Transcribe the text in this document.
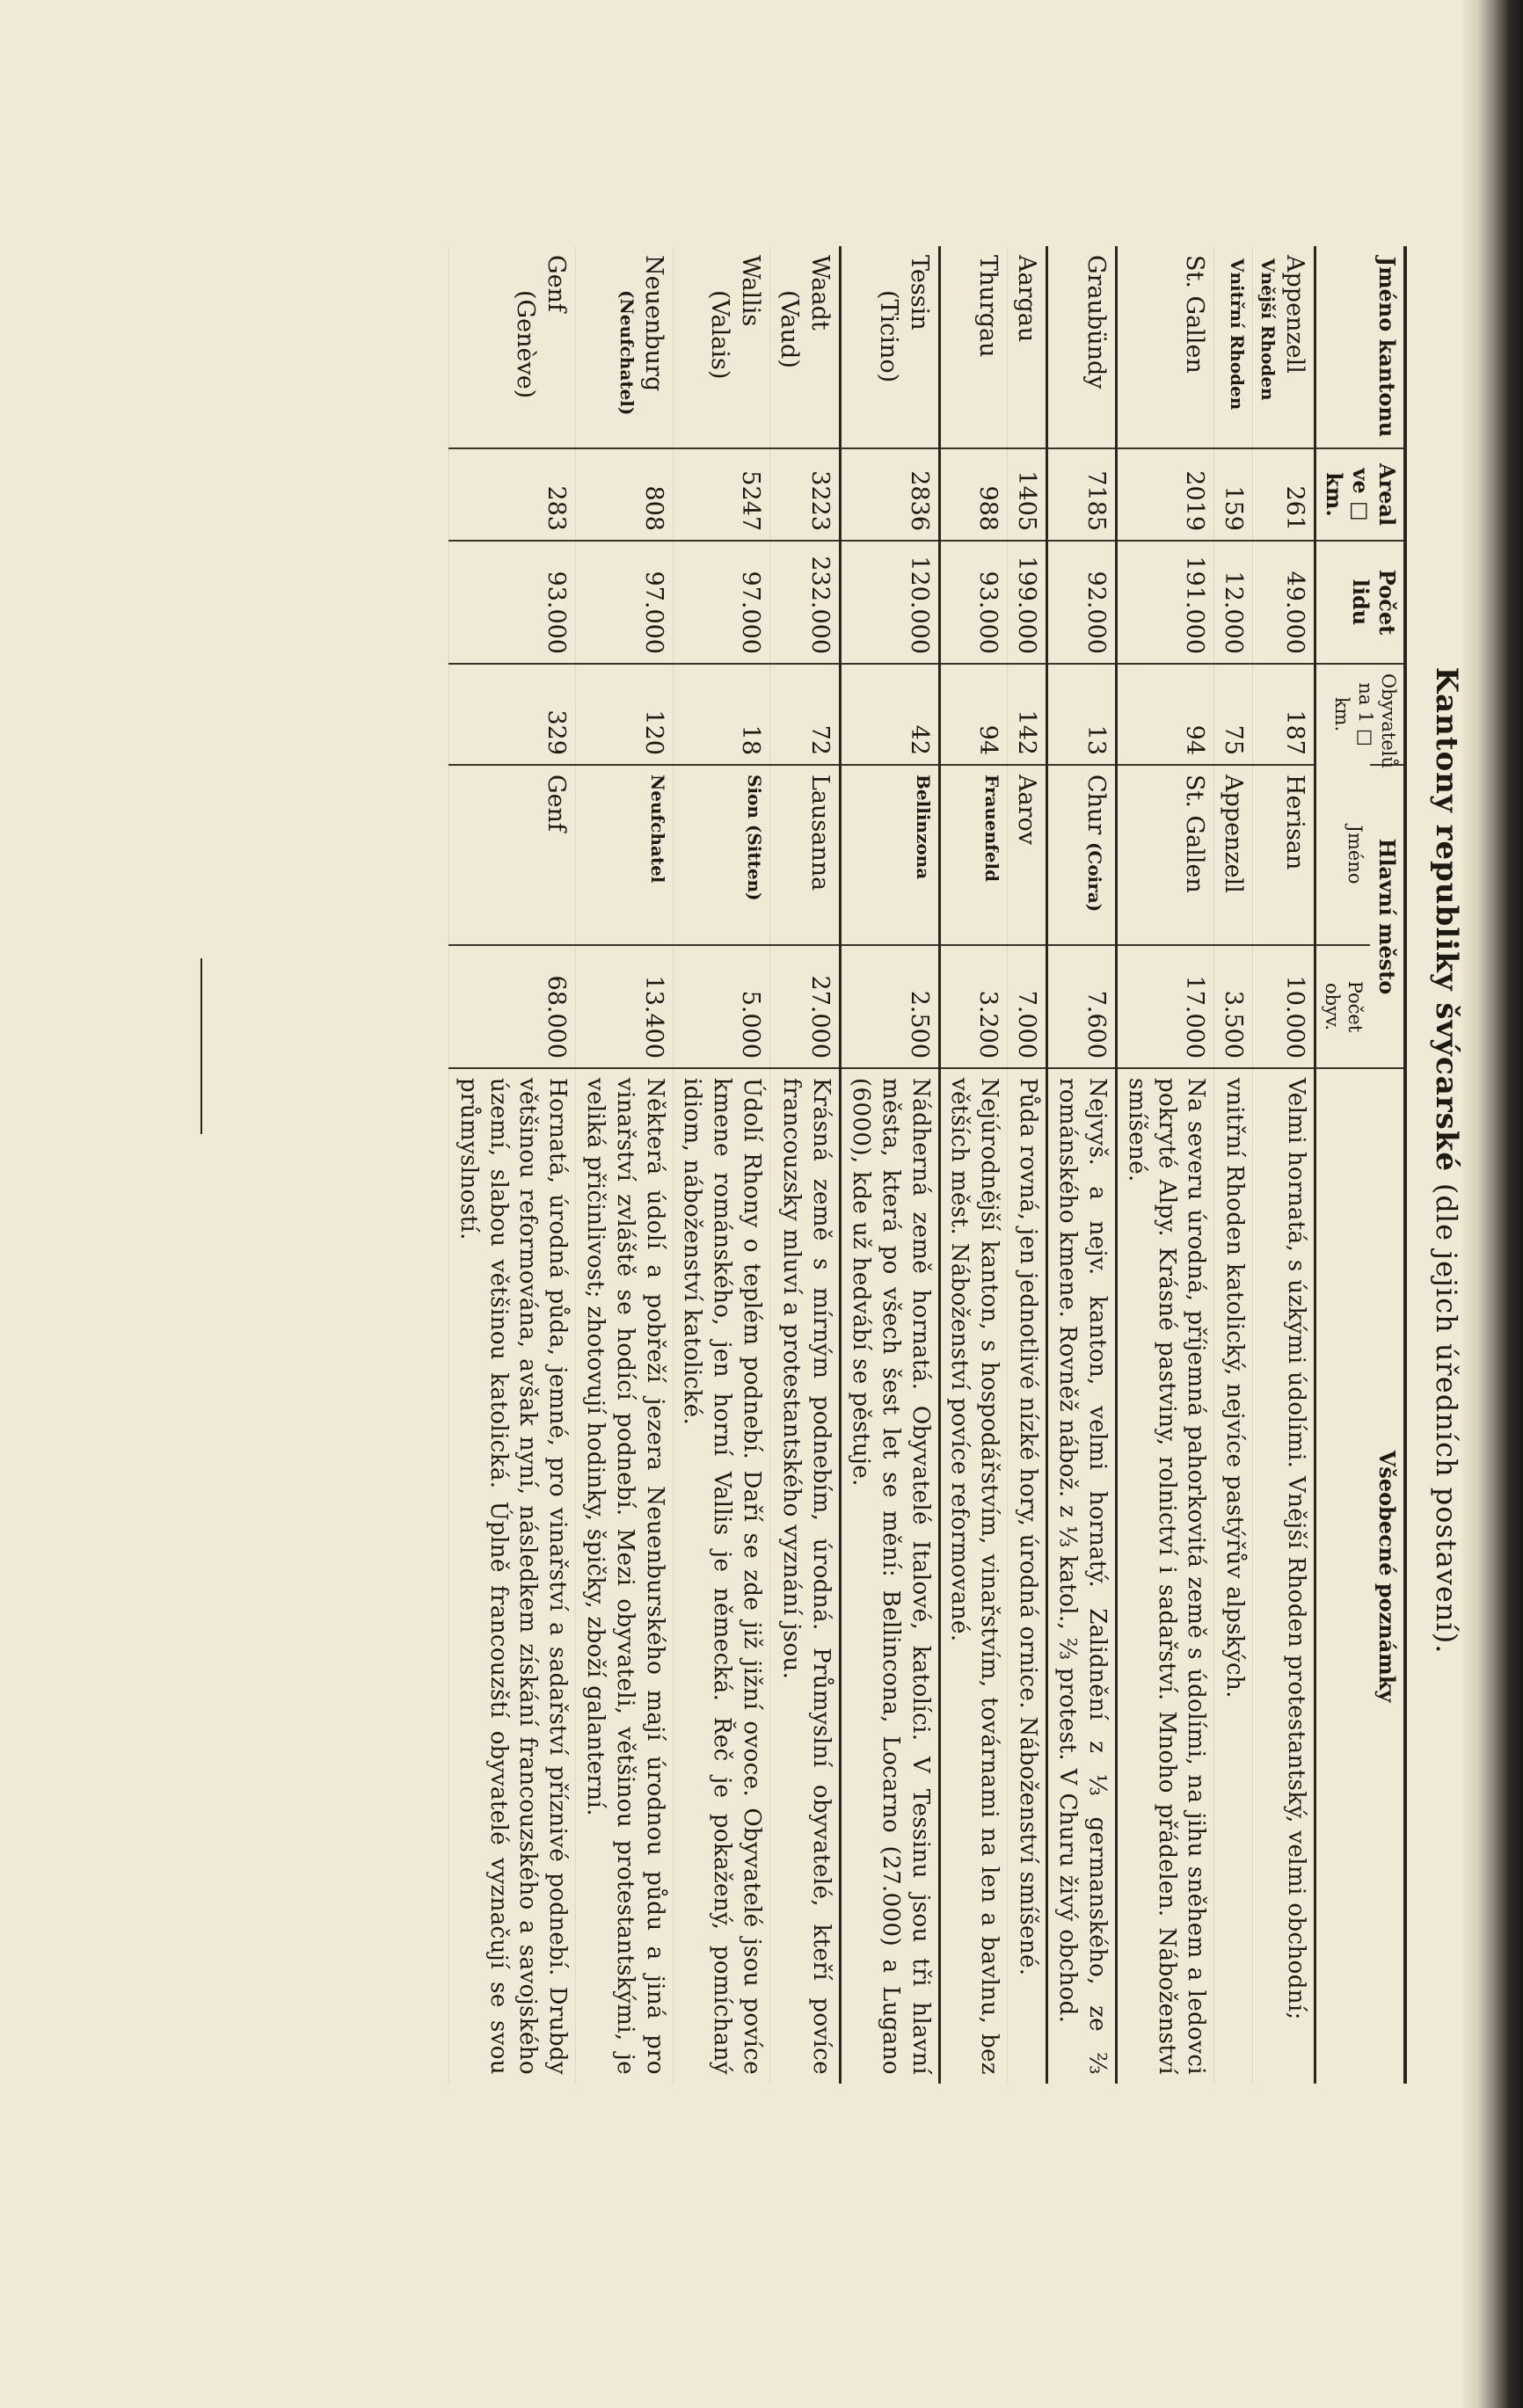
Kantony republiky švýcarské (dle jejich úředních postavení).
Jméno kantonu	Areal ve □ km.	Počet lidu	Obyvatelů na 1 □ km.	Hlavní město		Všeobecné poznámky
				Jméno	Počet obyv.	
Appenzell
Vnější Rhoden	261	49.000	187	Herisan	10.000	Velmi hornatá, s úzkými údolími. Vnější Rhoden protestantský, velmi obchodní;

Vnitřní Rhoden	159	12.000	75	Appenzell	3.500	vnitřní Rhoden katolický, nejvíce pastýřův alpských.
St. Gallen	2019	191.000	94	St. Gallen	17.000	Na severu úrodná, příjemná pahorkovitá země s údolími, na jihu sněhem a ledovci pokryté Alpy. Krásné pastviny, rolnictví i sadařství. Mnoho přádelen. Náboženství smíšené.
Graubündy	7185	92.000	13	Chur (Coira)	7.600	Nejvyš. a nejv. kanton, velmi hornatý. Zalidnění z ⅓ germanského, ze ⅔ románského kmene. Rovněž nábož. z ⅓ katol., ⅔ protest. V Churu živý obchod.
Aargau	1405	199.000	142	Aarov	7.000	Půda rovná, jen jednotlivé nízké hory, úrodná ornice. Náboženství smíšené.
Thurgau	988	93.000	94	Frauenfeld	3.200	Nejúrodnější kanton, s hospodářstvím, vinařstvím, továrnami na len a bavlnu, bez větších měst. Náboženství povíce reformované.
Tessin
(Ticino)	2836	120.000	42	Bellinzona	2.500	Nádherná země hornatá. Obyvatelé Italové, katolíci. V Tessinu jsou tři hlavní města, která po všech šest let se mění: Bellincona, Locarno (27.000) a Lugano (6000), kde už hedvábí se pěstuje.
Waadt
(Vaud)	3223	232.000	72	Lausanna	27.000	Krásná země s mírným podnebím, úrodná. Průmyslní obyvatelé, kteří povíce francouzsky mluví a protestantského vyznání jsou.
Wallis
(Valais)	5247	97.000	18	Sion (Sitten)	5.000	Údolí Rhony o teplém podnebí. Daří se zde již jižní ovoce. Obyvatelé jsou povíce kmene románského, jen horní Vallis je německá. Řeč je pokažený, pomíchaný idiom, náboženství katolické.
Neuenburg
(Neufchatel)	808	97.000	120	Neufchatel	13.400	Některá údolí a pobřeží jezera Neuenburského mají úrodnou půdu a jiná pro vinařství zvláště se hodící podnebí. Mezi obyvateli, většinou protestantskými, je veliká přičinlivost; zhotovují hodinky, špičky, zboží galanterní.
Genf
(Genève)	283	93.000	329	Genf	68.000	Hornatá, úrodná půda, jemné, pro vinařství a sadařství příznivé podnebí. Drubdy většinou reformována, avšak nyní, následkem získání francouzského a savojského území, slabou většinou katolická. Úplně francouzští obyvatelé vyznačují se svou průmyslností.
